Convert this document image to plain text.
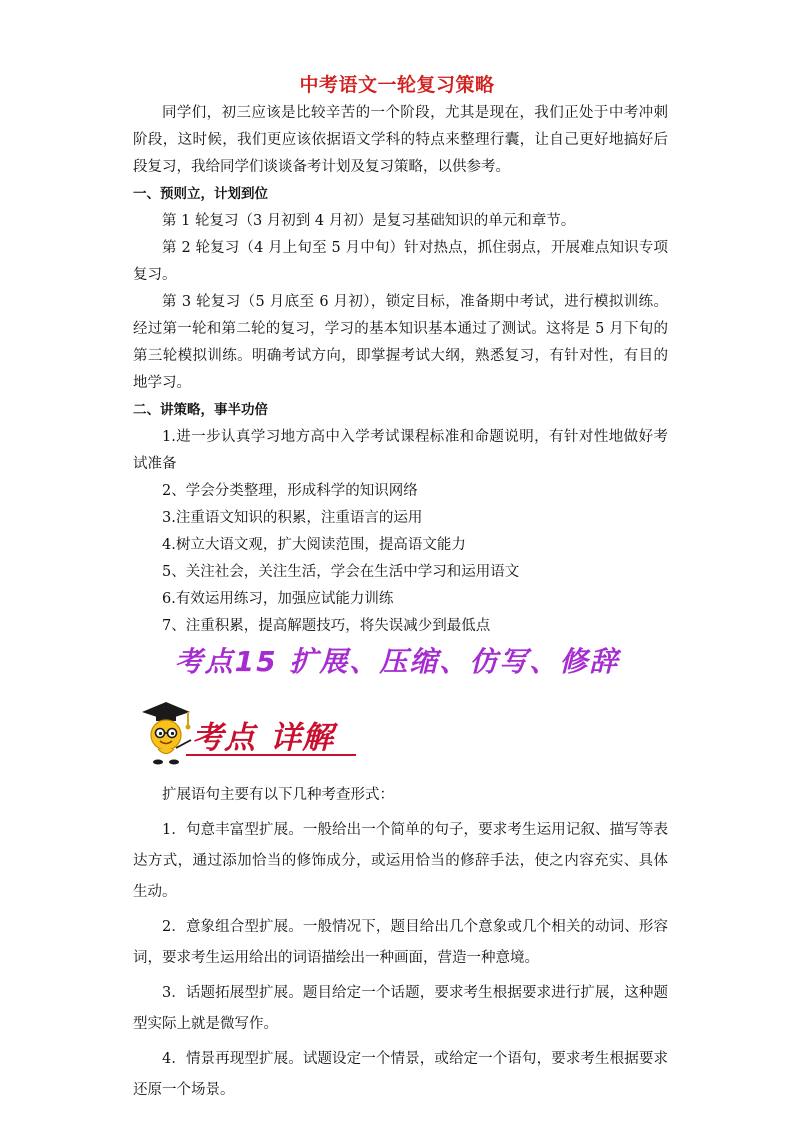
中考语文一轮复习策略

同学们，初三应该是比较辛苦的一个阶段，尤其是现在，我们正处于中考冲刺阶段，这时候，我们更应该依据语文学科的特点来整理行囊，让自己更好地搞好后段复习，我给同学们谈谈备考计划及复习策略，以供参考。

一、预则立，计划到位

第 1 轮复习（3 月初到 4 月初）是复习基础知识的单元和章节。

第 2 轮复习（4 月上旬至 5 月中旬）针对热点，抓住弱点，开展难点知识专项复习。

第 3 轮复习（5 月底至 6 月初），锁定目标，准备期中考试，进行模拟训练。经过第一轮和第二轮的复习，学习的基本知识基本通过了测试。这将是 5 月下旬的第三轮模拟训练。明确考试方向，即掌握考试大纲，熟悉复习，有针对性，有目的地学习。

二、讲策略，事半功倍

1.进一步认真学习地方高中入学考试课程标准和命题说明，有针对性地做好考试准备

2、学会分类整理，形成科学的知识网络

3.注重语文知识的积累，注重语言的运用

4.树立大语文观，扩大阅读范围，提高语文能力

5、关注社会，关注生活，学会在生活中学习和运用语文

6.有效运用练习，加强应试能力训练

7、注重积累，提高解题技巧，将失误减少到最低点

考点15 扩展、压缩、仿写、修辞
考点 详解

扩展语句主要有以下几种考查形式：

1．句意丰富型扩展。一般给出一个简单的句子，要求考生运用记叙、描写等表达方式，通过添加恰当的修饰成分，或运用恰当的修辞手法，使之内容充实、具体生动。

2．意象组合型扩展。一般情况下，题目给出几个意象或几个相关的动词、形容词，要求考生运用给出的词语描绘出一种画面，营造一种意境。

3．话题拓展型扩展。题目给定一个话题，要求考生根据要求进行扩展，这种题型实际上就是微写作。

4．情景再现型扩展。试题设定一个情景，或给定一个语句，要求考生根据要求还原一个场景。
